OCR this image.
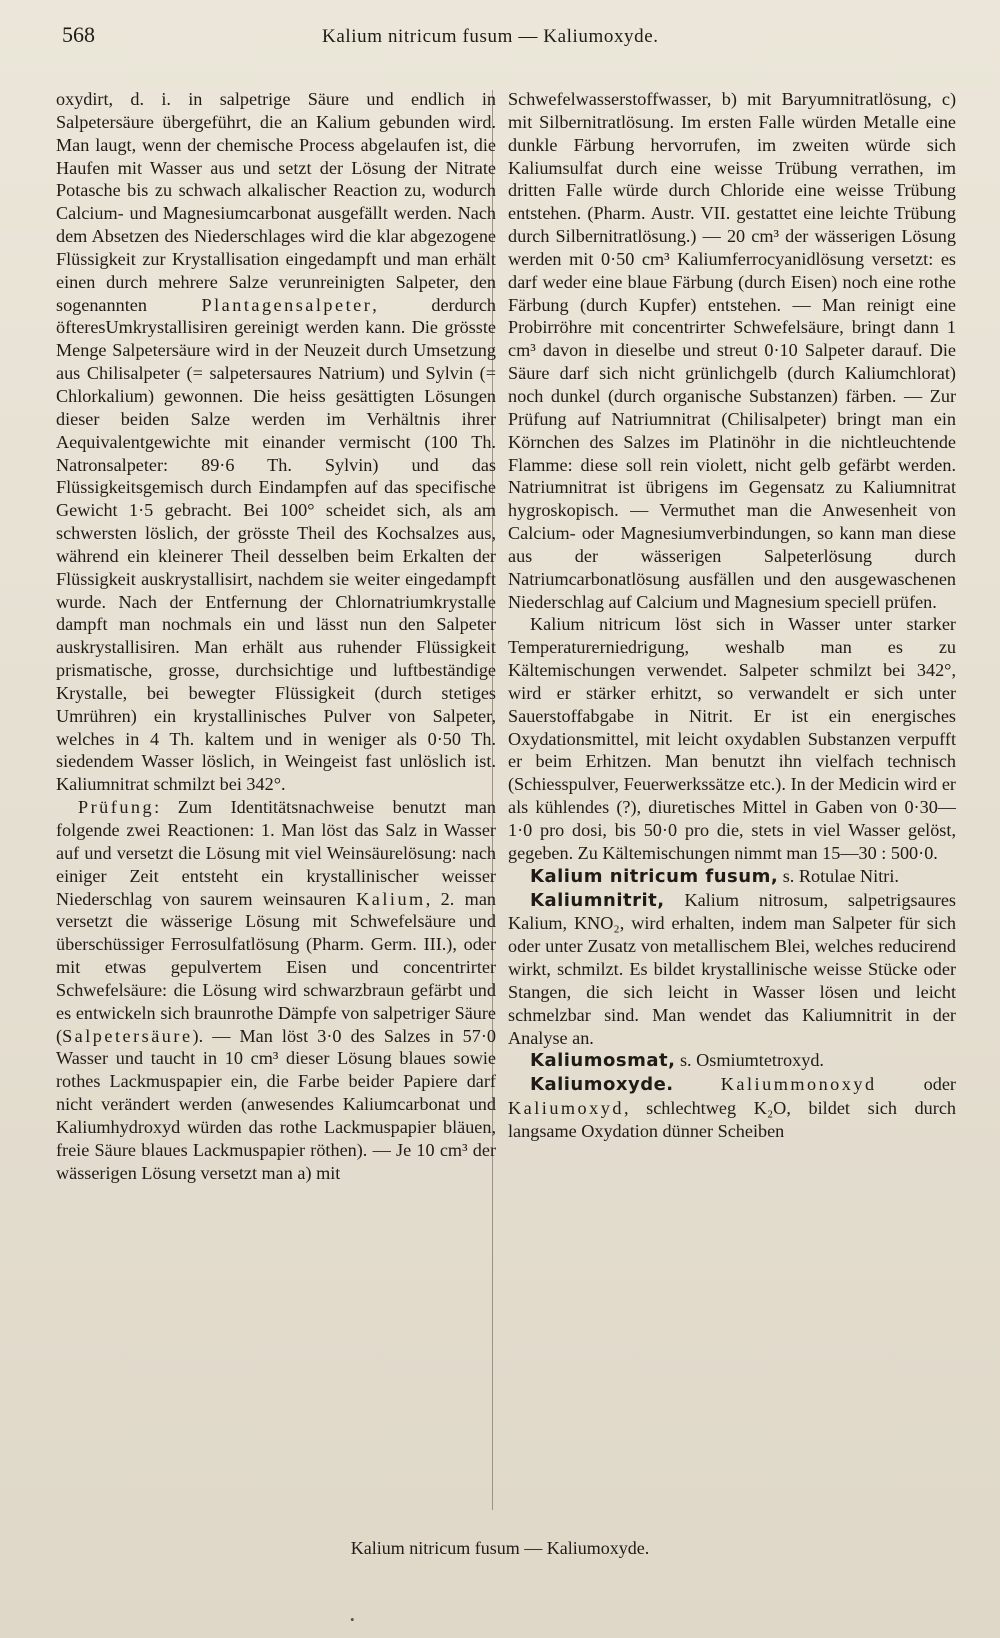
568	Kalium nitricum fusum — Kaliumoxyde.

oxydirt, d. i. in salpetrige Säure und endlich in Salpetersäure übergeführt, die an Kalium gebunden wird. Man laugt, wenn der chemische Process abgelaufen ist, die Haufen mit Wasser aus und setzt der Lösung der Nitrate Potasche bis zu schwach alkalischer Reaction zu, wodurch Calcium- und Magnesiumcarbonat ausgefällt werden. Nach dem Absetzen des Niederschlages wird die klar abgezogene Flüssigkeit zur Krystallisation eingedampft und man erhält einen durch mehrere Salze verunreinigten Salpeter, den sogenannten	Plantagensalpeter, derdurch öfteresUmkrystallisiren gereinigt werden kann. Die grösste Menge Salpetersäure wird in der Neuzeit durch Umsetzung aus Chilisalpeter (= salpetersaures Natrium) und Sylvin (= Chlorkalium) gewonnen. Die heiss gesättigten Lösungen dieser beiden Salze werden im Verhältnis ihrer Aequivalentgewichte mit einander vermischt (100 Th. Natronsalpeter: 89·6 Th. Sylvin) und das Flüssigkeitsgemisch durch Eindampfen auf das specifische Gewicht 1·5 gebracht. Bei 100° scheidet sich, als am schwersten löslich, der grösste Theil des Kochsalzes aus, während ein kleinerer Theil desselben beim Erkalten der Flüssigkeit auskrystallisirt, nachdem sie weiter eingedampft wurde. Nach der Entfernung der Chlornatriumkrystalle dampft man nochmals ein und lässt nun den Salpeter auskrystallisiren. Man erhält aus ruhender Flüssigkeit prismatische, grosse, durchsichtige und luftbeständige Krystalle, bei bewegter Flüssigkeit (durch stetiges Umrühren) ein krystallinisches Pulver von Salpeter, welches in 4 Th. kaltem und in weniger als 0·50 Th. siedendem Wasser löslich, in Weingeist fast unlöslich ist. Kaliumnitrat schmilzt bei 342°.

Prüfung: Zum Identitätsnachweise benutzt man folgende zwei Reactionen: 1. Man löst das Salz in Wasser auf und versetzt die Lösung mit viel Weinsäurelösung: nach einiger Zeit entsteht ein krystallinischer weisser Niederschlag von saurem weinsauren Kalium, 2. man versetzt die wässerige Lösung mit Schwefelsäure und überschüssiger Ferrosulfatlösung (Pharm. Germ. III.), oder mit etwas gepulvertem Eisen und concentrirter Schwefelsäure: die Lösung wird schwarzbraun gefärbt und es entwickeln sich braunrothe Dämpfe von salpetriger Säure (Salpetersäure). — Man löst 3·0 des Salzes in 57·0 Wasser und taucht in 10 cm³ dieser Lösung blaues sowie rothes Lackmuspapier ein, die Farbe beider Papiere darf nicht verändert werden (anwesendes Kaliumcarbonat und Kaliumhydroxyd würden das rothe Lackmuspapier bläuen, freie Säure blaues Lackmuspapier röthen). — Je 10 cm³ der wässerigen Lösung versetzt man a) mit

Schwefelwasserstoffwasser, b) mit Baryumnitratlösung, c) mit Silbernitratlösung. Im ersten Falle würden Metalle eine dunkle Färbung hervorrufen, im zweiten würde sich Kaliumsulfat durch eine weisse Trübung verrathen, im dritten Falle würde durch Chloride eine weisse Trübung entstehen. (Pharm. Austr. VII. gestattet eine leichte Trübung durch Silbernitratlösung.) — 20 cm³ der wässerigen Lösung werden mit 0·50 cm³ Kaliumferrocyanidlösung versetzt: es darf weder eine blaue Färbung (durch Eisen) noch eine rothe Färbung (durch Kupfer) entstehen. — Man reinigt eine Probirröhre mit concentrirter Schwefelsäure, bringt dann 1 cm³ davon in dieselbe und streut 0·10 Salpeter darauf. Die Säure darf sich nicht grünlichgelb (durch Kaliumchlorat) noch dunkel (durch organische Substanzen) färben. — Zur Prüfung auf Natriumnitrat (Chilisalpeter) bringt man ein Körnchen des Salzes im Platinöhr in die nichtleuchtende Flamme: diese soll rein violett, nicht gelb gefärbt werden. Natriumnitrat ist übrigens im Gegensatz zu Kaliumnitrat hygroskopisch. — Vermuthet man die Anwesenheit von Calcium- oder Magnesiumverbindungen, so kann man diese aus der wässerigen Salpeterlösung durch Natriumcarbonatlösung ausfällen und den ausgewaschenen Niederschlag auf Calcium und Magnesium speciell prüfen.

Kalium nitricum löst sich in Wasser unter starker Temperaturerniedrigung, weshalb man es zu Kältemischungen verwendet. Salpeter schmilzt bei 342°, wird er stärker erhitzt, so verwandelt er sich unter Sauerstoffabgabe in Nitrit. Er ist ein energisches Oxydationsmittel, mit leicht oxydablen Substanzen verpufft er beim Erhitzen. Man benutzt ihn vielfach technisch (Schiesspulver, Feuerwerkssätze etc.). In der Medicin wird er als kühlendes (?), diuretisches Mittel in Gaben von 0·30—1·0 pro dosi, bis 50·0 pro die, stets in viel Wasser gelöst, gegeben. Zu Kältemischungen nimmt man 15—30 : 500·0.

Kalium nitricum fusum, s. Rotulae Nitri.

Kaliumnitrit, Kalium nitrosum, salpetrigsaures Kalium, KNO₂, wird erhalten, indem man Salpeter für sich oder unter Zusatz von metallischem Blei, welches reducirend wirkt, schmilzt. Es bildet krystallinische weisse Stücke oder Stangen, die sich leicht in Wasser lösen und leicht schmelzbar sind. Man wendet das Kaliumnitrit in der Analyse an.

Kaliumosmat, s. Osmiumtetroxyd.

Kaliumoxyde.	Kaliummonoxyd oder Kaliumoxyd, schlechtweg K₂O, bildet sich durch langsame Oxydation dünner Scheiben

Kalium nitricum fusum — Kaliumoxyde.
•
